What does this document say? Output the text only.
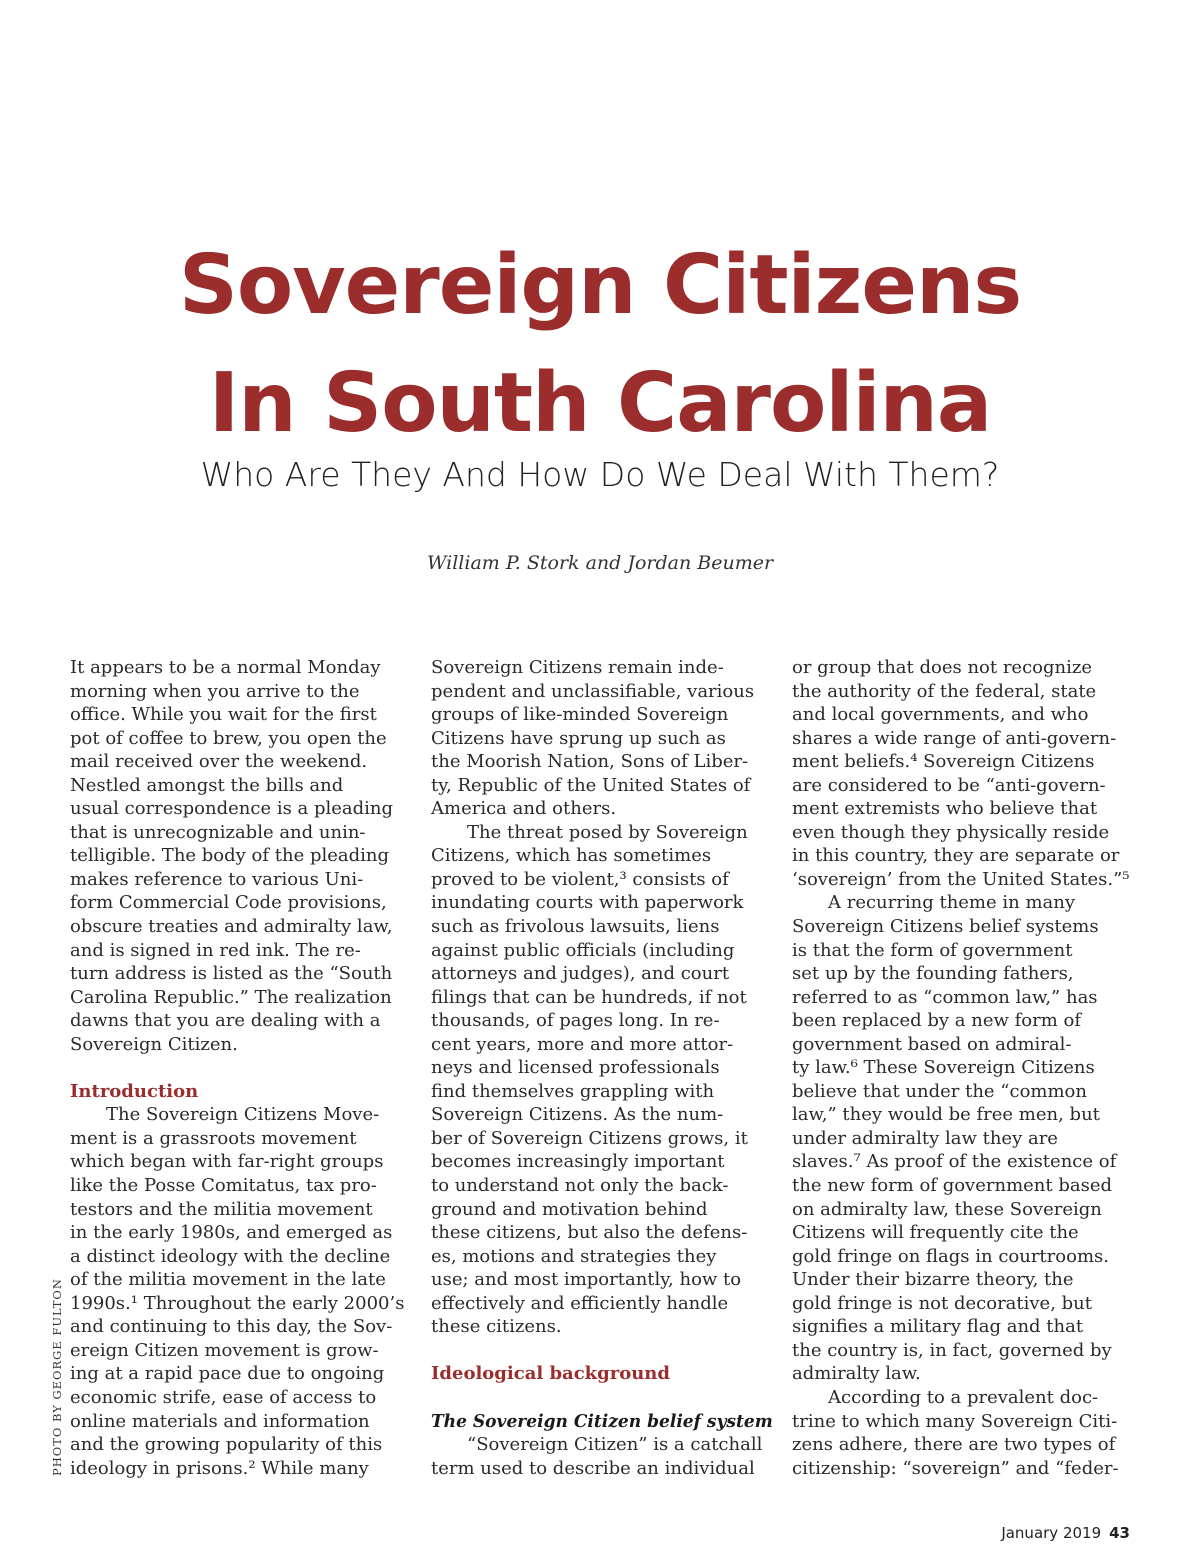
Sovereign Citizens
In South Carolina
Who Are They And How Do We Deal With Them?
William P. Stork and Jordan Beumer
It appears to be a normal Monday
morning when you arrive to the
office. While you wait for the first
pot of coffee to brew, you open the
mail received over the weekend.
Nestled amongst the bills and
usual correspondence is a pleading
that is unrecognizable and unin-
telligible. The body of the pleading
makes reference to various Uni-
form Commercial Code provisions,
obscure treaties and admiralty law,
and is signed in red ink. The re-
turn address is listed as the “South
Carolina Republic.” The realization
dawns that you are dealing with a
Sovereign Citizen.
Introduction
The Sovereign Citizens Move-
ment is a grassroots movement
which began with far-right groups
like the Posse Comitatus, tax pro-
testors and the militia movement
in the early 1980s, and emerged as
a distinct ideology with the decline
of the militia movement in the late
1990s.¹ Throughout the early 2000’s
and continuing to this day, the Sov-
ereign Citizen movement is grow-
ing at a rapid pace due to ongoing
economic strife, ease of access to
online materials and information
and the growing popularity of this
ideology in prisons.² While many
Sovereign Citizens remain inde-
pendent and unclassifiable, various
groups of like-minded Sovereign
Citizens have sprung up such as
the Moorish Nation, Sons of Liber-
ty, Republic of the United States of
America and others.
The threat posed by Sovereign
Citizens, which has sometimes
proved to be violent,³ consists of
inundating courts with paperwork
such as frivolous lawsuits, liens
against public officials (including
attorneys and judges), and court
filings that can be hundreds, if not
thousands, of pages long. In re-
cent years, more and more attor-
neys and licensed professionals
find themselves grappling with
Sovereign Citizens. As the num-
ber of Sovereign Citizens grows, it
becomes increasingly important
to understand not only the back-
ground and motivation behind
these citizens, but also the defens-
es, motions and strategies they
use; and most importantly, how to
effectively and efficiently handle
these citizens.
Ideological background
The Sovereign Citizen belief system
“Sovereign Citizen” is a catchall
term used to describe an individual
or group that does not recognize
the authority of the federal, state
and local governments, and who
shares a wide range of anti-govern-
ment beliefs.⁴ Sovereign Citizens
are considered to be “anti-govern-
ment extremists who believe that
even though they physically reside
in this country, they are separate or
‘sovereign’ from the United States.”⁵
A recurring theme in many
Sovereign Citizens belief systems
is that the form of government
set up by the founding fathers,
referred to as “common law,” has
been replaced by a new form of
government based on admiral-
ty law.⁶ These Sovereign Citizens
believe that under the “common
law,” they would be free men, but
under admiralty law they are
slaves.⁷ As proof of the existence of
the new form of government based
on admiralty law, these Sovereign
Citizens will frequently cite the
gold fringe on flags in courtrooms.
Under their bizarre theory, the
gold fringe is not decorative, but
signifies a military flag and that
the country is, in fact, governed by
admiralty law.
According to a prevalent doc-
trine to which many Sovereign Citi-
zens adhere, there are two types of
citizenship: “sovereign” and “feder-
PHOTO BY GEORGE FULTON
January 2019 43
